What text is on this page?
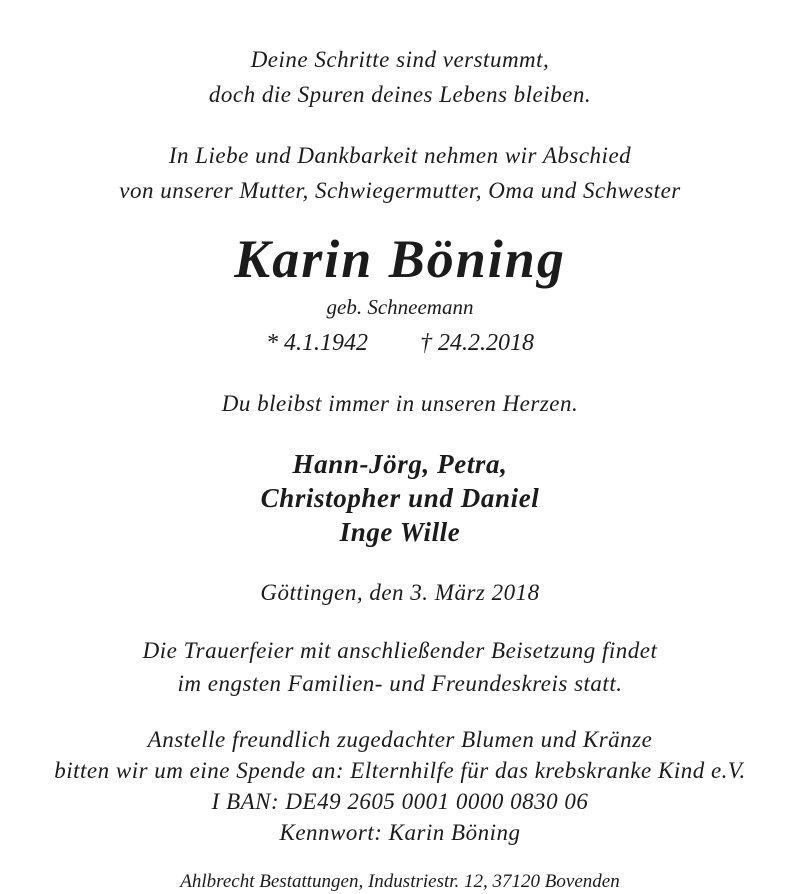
Deine Schritte sind verstummt,
doch die Spuren deines Lebens bleiben.
In Liebe und Dankbarkeit nehmen wir Abschied
von unserer Mutter, Schwiegermutter, Oma und Schwester
Karin Böning
geb. Schneemann
* 4.1.1942 † 24.2.2018
Du bleibst immer in unseren Herzen.
Hann-Jörg, Petra,
Christopher und Daniel
Inge Wille
Göttingen, den 3. März 2018
Die Trauerfeier mit anschließender Beisetzung findet
im engsten Familien- und Freundeskreis statt.
Anstelle freundlich zugedachter Blumen und Kränze
bitten wir um eine Spende an: Elternhilfe für das krebskranke Kind e.V.
I BAN: DE49 2605 0001 0000 0830 06
Kennwort: Karin Böning
Ahlbrecht Bestattungen, Industriestr. 12, 37120 Bovenden
